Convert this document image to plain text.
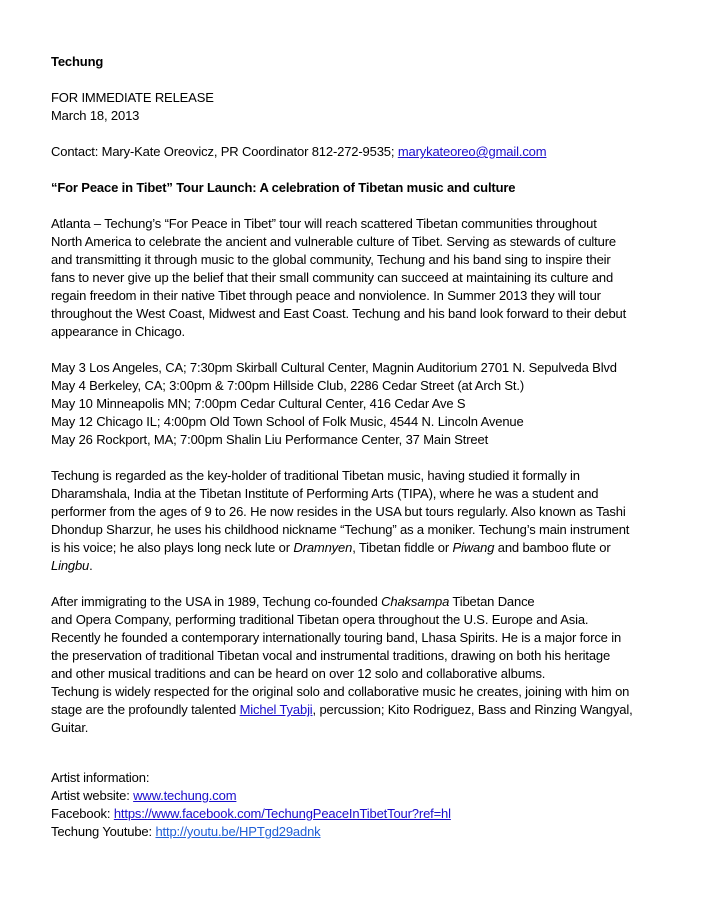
Techung
FOR IMMEDIATE RELEASE
March 18, 2013
Contact: Mary-Kate Oreovicz, PR Coordinator 812-272-9535; marykateoreo@gmail.com
“For Peace in Tibet” Tour Launch: A celebration of Tibetan music and culture
Atlanta – Techung’s “For Peace in Tibet” tour will reach scattered Tibetan communities throughout
North America to celebrate the ancient and vulnerable culture of Tibet. Serving as stewards of culture
and transmitting it through music to the global community, Techung and his band sing to inspire their
fans to never give up the belief that their small community can succeed at maintaining its culture and
regain freedom in their native Tibet through peace and nonviolence. In Summer 2013 they will tour
throughout the West Coast, Midwest and East Coast. Techung and his band look forward to their debut
appearance in Chicago.
May 3 Los Angeles, CA; 7:30pm Skirball Cultural Center, Magnin Auditorium 2701 N. Sepulveda Blvd
May 4 Berkeley, CA; 3:00pm & 7:00pm Hillside Club, 2286 Cedar Street (at Arch St.)
May 10 Minneapolis MN; 7:00pm Cedar Cultural Center, 416 Cedar Ave S
May 12 Chicago IL; 4:00pm Old Town School of Folk Music, 4544 N. Lincoln Avenue
May 26 Rockport, MA; 7:00pm Shalin Liu Performance Center, 37 Main Street
Techung is regarded as the key-holder of traditional Tibetan music, having studied it formally in
Dharamshala, India at the Tibetan Institute of Performing Arts (TIPA), where he was a student and
performer from the ages of 9 to 26. He now resides in the USA but tours regularly. Also known as Tashi
Dhondup Sharzur, he uses his childhood nickname “Techung” as a moniker. Techung’s main instrument
is his voice; he also plays long neck lute or Dramnyen, Tibetan fiddle or Piwang and bamboo flute or
Lingbu.
After immigrating to the USA in 1989, Techung co-founded Chaksampa Tibetan Dance
and Opera Company, performing traditional Tibetan opera throughout the U.S. Europe and Asia.
Recently he founded a contemporary internationally touring band, Lhasa Spirits. He is a major force in
the preservation of traditional Tibetan vocal and instrumental traditions, drawing on both his heritage
and other musical traditions and can be heard on over 12 solo and collaborative albums.
Techung is widely respected for the original solo and collaborative music he creates, joining with him on
stage are the profoundly talented Michel Tyabji, percussion; Kito Rodriguez, Bass and Rinzing Wangyal,
Guitar.
Artist information:
Artist website: www.techung.com
Facebook: https://www.facebook.com/TechungPeaceInTibetTour?ref=hl
Techung Youtube: http://youtu.be/HPTgd29adnk
